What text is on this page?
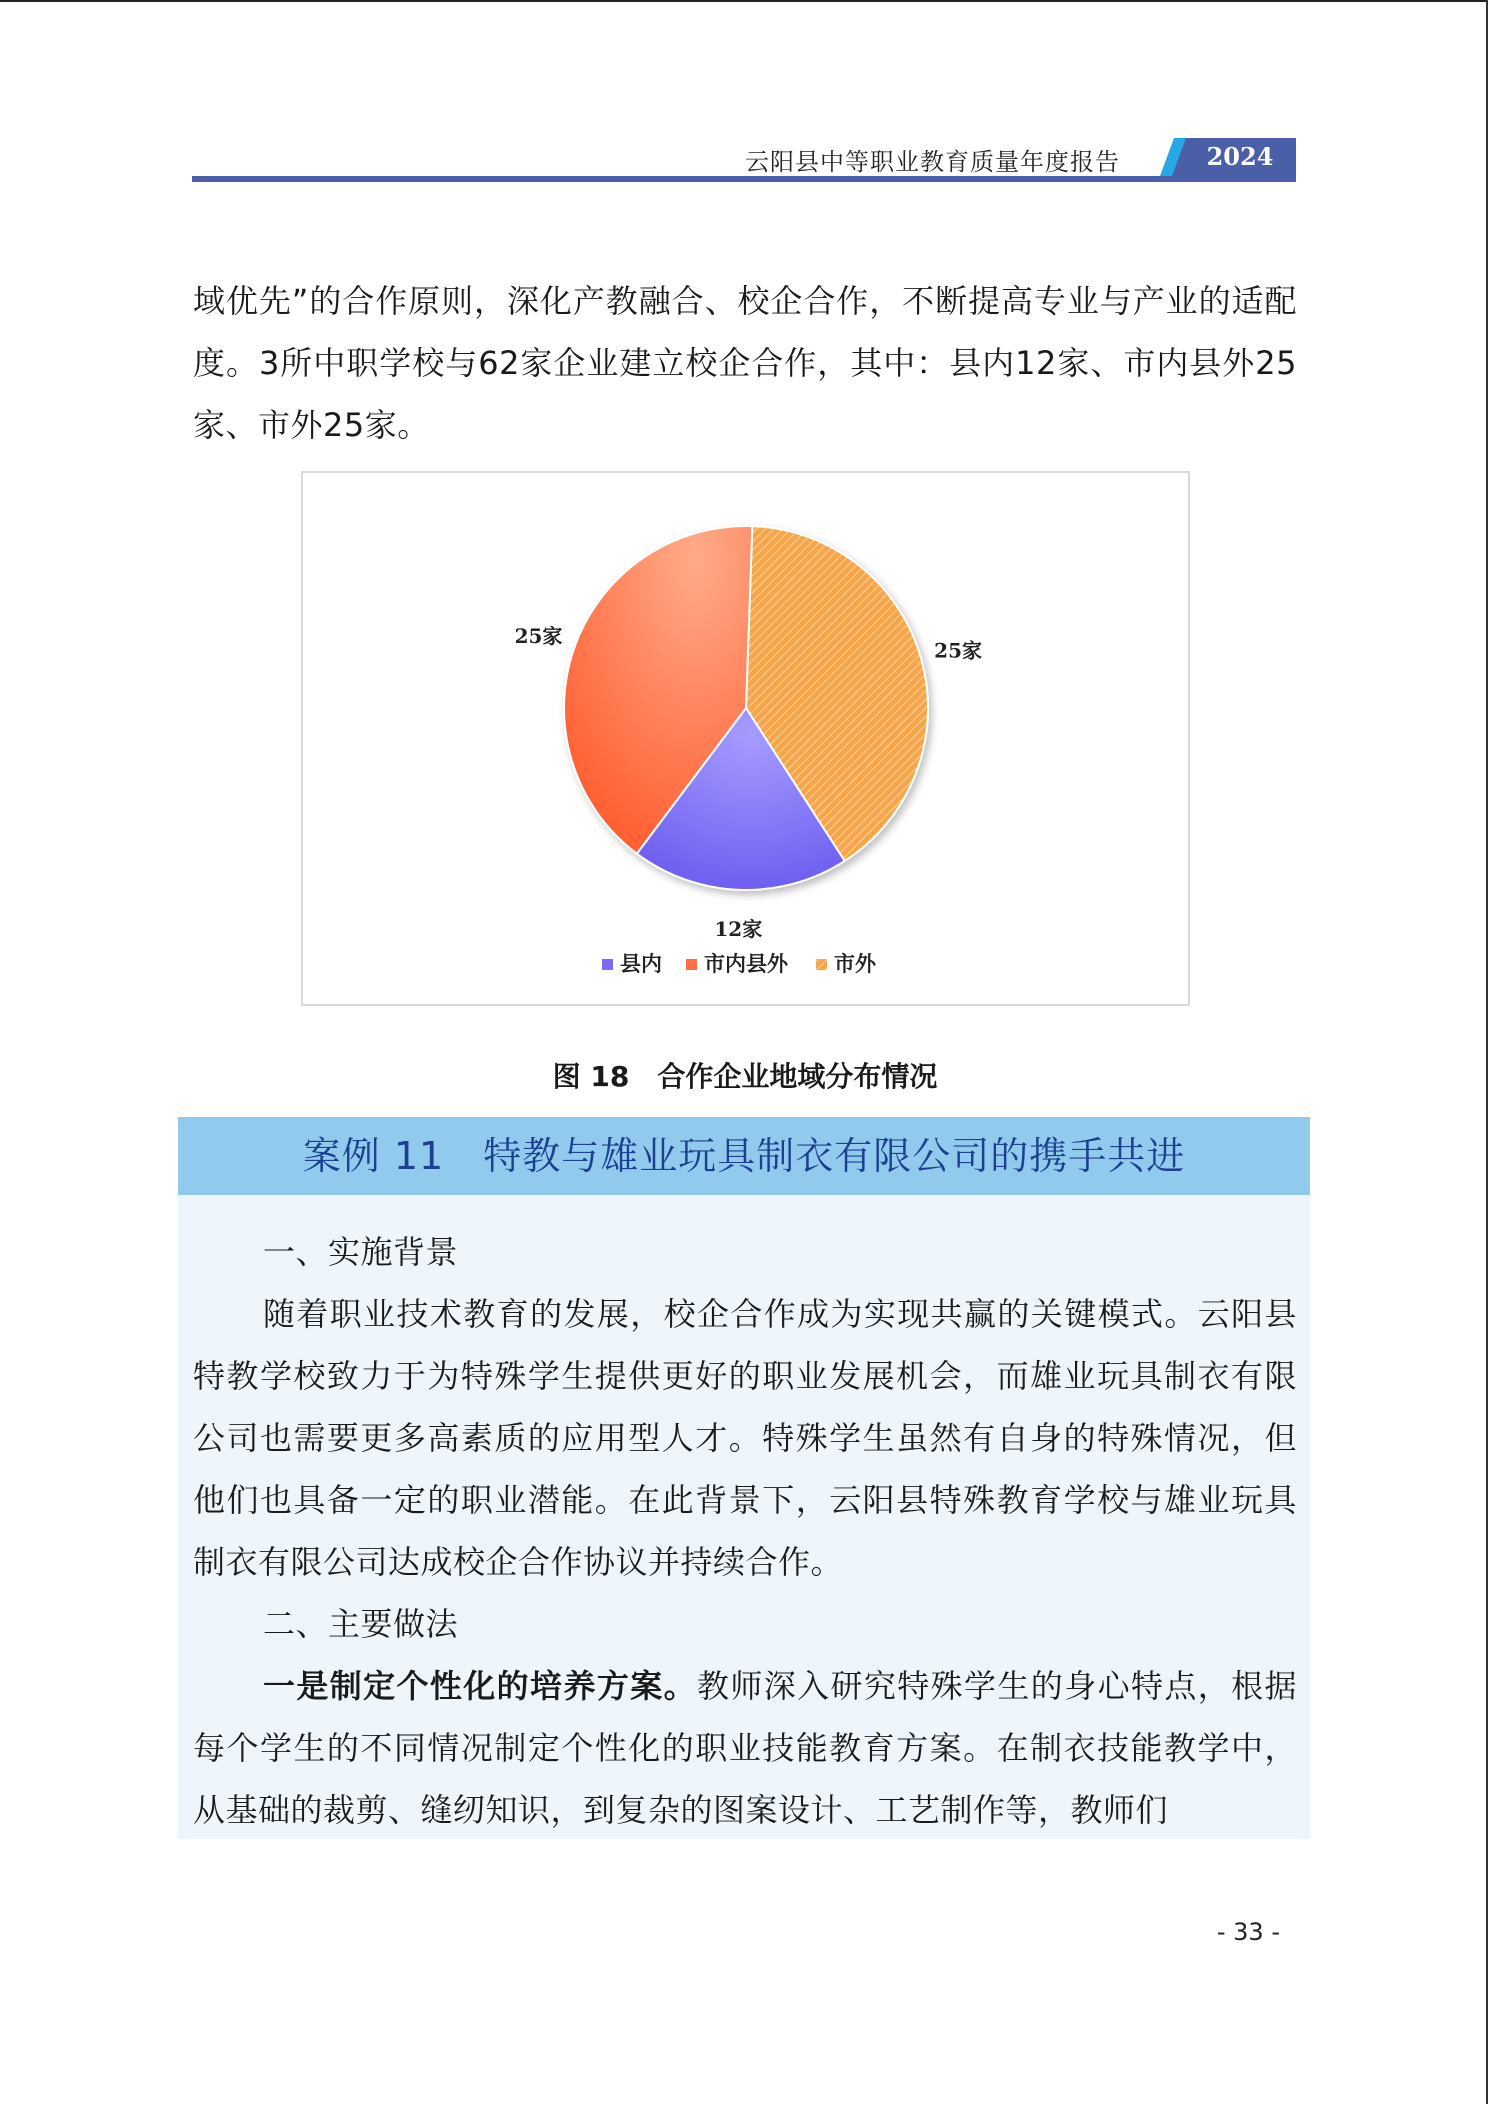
云阳县中等职业教育质量年度报告	2024
域优先”的合作原则，深化产教融合、校企合作，不断提高专业与产业的适配度。3所中职学校与62家企业建立校企合作，其中：县内12家、市内县外25家、市外25家。
25家
12家
25家
县内 市内县外 市外
图 18　合作企业地域分布情况
案例 11　特教与雄业玩具制衣有限公司的携手共进
一、实施背景
随着职业技术教育的发展，校企合作成为实现共赢的关键模式。云阳县特教学校致力于为特殊学生提供更好的职业发展机会，而雄业玩具制衣有限公司也需要更多高素质的应用型人才。特殊学生虽然有自身的特殊情况，但他们也具备一定的职业潜能。在此背景下，云阳县特殊教育学校与雄业玩具制衣有限公司达成校企合作协议并持续合作。
二、主要做法
一是制定个性化的培养方案。教师深入研究特殊学生的身心特点，根据每个学生的不同情况制定个性化的职业技能教育方案。在制衣技能教学中，从基础的裁剪、缝纫知识，到复杂的图案设计、工艺制作等，教师们
- 33 -
